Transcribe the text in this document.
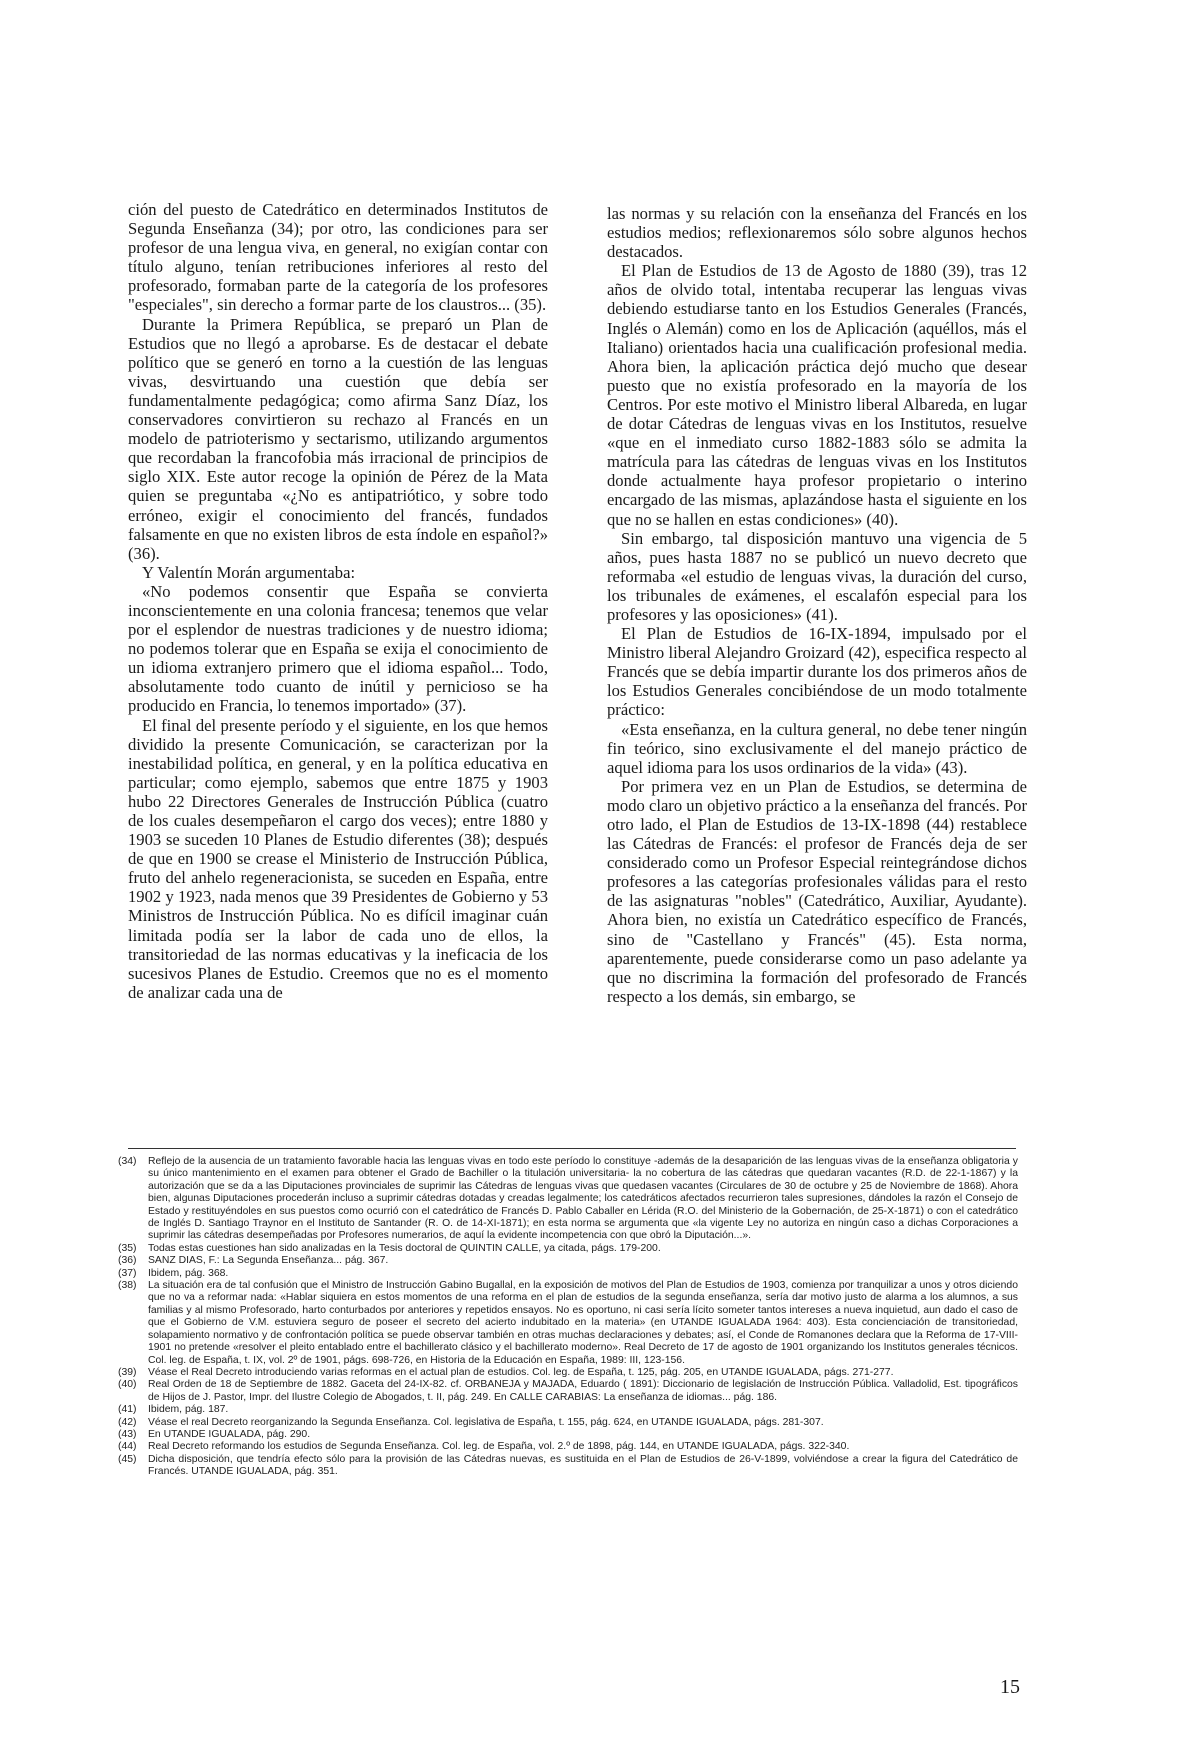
ción del puesto de Catedrático en determinados Institutos de Segunda Enseñanza (34); por otro, las condiciones para ser profesor de una lengua viva, en general, no exigían contar con título alguno, tenían retribuciones inferiores al resto del profesorado, formaban parte de la categoría de los profesores "especiales", sin derecho a formar parte de los claustros... (35).

Durante la Primera República, se preparó un Plan de Estudios que no llegó a aprobarse. Es de destacar el debate político que se generó en torno a la cuestión de las lenguas vivas, desvirtuando una cuestión que debía ser fundamentalmente pedagógica; como afirma Sanz Díaz, los conservadores convirtieron su rechazo al Francés en un modelo de patrioterismo y sectarismo, utilizando argumentos que recordaban la francofobia más irracional de principios de siglo XIX. Este autor recoge la opinión de Pérez de la Mata quien se preguntaba «¿No es antipatriótico, y sobre todo erróneo, exigir el conocimiento del francés, fundados falsamente en que no existen libros de esta índole en español?» (36).

Y Valentín Morán argumentaba:

«No podemos consentir que España se convierta inconscientemente en una colonia francesa; tenemos que velar por el esplendor de nuestras tradiciones y de nuestro idioma; no podemos tolerar que en España se exija el conocimiento de un idioma extranjero primero que el idioma español... Todo, absolutamente todo cuanto de inútil y pernicioso se ha producido en Francia, lo tenemos importado» (37).

El final del presente período y el siguiente, en los que hemos dividido la presente Comunicación, se caracterizan por la inestabilidad política, en general, y en la política educativa en particular; como ejemplo, sabemos que entre 1875 y 1903 hubo 22 Directores Generales de Instrucción Pública (cuatro de los cuales desempeñaron el cargo dos veces); entre 1880 y 1903 se suceden 10 Planes de Estudio diferentes (38); después de que en 1900 se crease el Ministerio de Instrucción Pública, fruto del anhelo regeneracionista, se suceden en España, entre 1902 y 1923, nada menos que 39 Presidentes de Gobierno y 53 Ministros de Instrucción Pública. No es difícil imaginar cuán limitada podía ser la labor de cada uno de ellos, la transitoriedad de las normas educativas y la ineficacia de los sucesivos Planes de Estudio. Creemos que no es el momento de analizar cada una de

las normas y su relación con la enseñanza del Francés en los estudios medios; reflexionaremos sólo sobre algunos hechos destacados.

El Plan de Estudios de 13 de Agosto de 1880 (39), tras 12 años de olvido total, intentaba recuperar las lenguas vivas debiendo estudiarse tanto en los Estudios Generales (Francés, Inglés o Alemán) como en los de Aplicación (aquéllos, más el Italiano) orientados hacia una cualificación profesional media. Ahora bien, la aplicación práctica dejó mucho que desear puesto que no existía profesorado en la mayoría de los Centros. Por este motivo el Ministro liberal Albareda, en lugar de dotar Cátedras de lenguas vivas en los Institutos, resuelve «que en el inmediato curso 1882-1883 sólo se admita la matrícula para las cátedras de lenguas vivas en los Institutos donde actualmente haya profesor propietario o interino encargado de las mismas, aplazándose hasta el siguiente en los que no se hallen en estas condiciones» (40).

Sin embargo, tal disposición mantuvo una vigencia de 5 años, pues hasta 1887 no se publicó un nuevo decreto que reformaba «el estudio de lenguas vivas, la duración del curso, los tribunales de exámenes, el escalafón especial para los profesores y las oposiciones» (41).

El Plan de Estudios de 16-IX-1894, impulsado por el Ministro liberal Alejandro Groizard (42), especifica respecto al Francés que se debía impartir durante los dos primeros años de los Estudios Generales concibiéndose de un modo totalmente práctico:

«Esta enseñanza, en la cultura general, no debe tener ningún fin teórico, sino exclusivamente el del manejo práctico de aquel idioma para los usos ordinarios de la vida» (43).

Por primera vez en un Plan de Estudios, se determina de modo claro un objetivo práctico a la enseñanza del francés. Por otro lado, el Plan de Estudios de 13-IX-1898 (44) restablece las Cátedras de Francés: el profesor de Francés deja de ser considerado como un Profesor Especial reintegrándose dichos profesores a las categorías profesionales válidas para el resto de las asignaturas "nobles" (Catedrático, Auxiliar, Ayudante). Ahora bien, no existía un Catedrático específico de Francés, sino de "Castellano y Francés" (45). Esta norma, aparentemente, puede considerarse como un paso adelante ya que no discrimina la formación del profesorado de Francés respecto a los demás, sin embargo, se

(34)	Reflejo de la ausencia de un tratamiento favorable hacia las lenguas vivas en todo este período lo constituye -además de la desaparición de las lenguas vivas de la enseñanza obligatoria y su único mantenimiento en el examen para obtener el Grado de Bachiller o la titulación universitaria- la no cobertura de las cátedras que quedaran vacantes (R.D. de 22-1-1867) y la autorización que se da a las Diputaciones provinciales de suprimir las Cátedras de lenguas vivas que quedasen vacantes (Circulares de 30 de octubre y 25 de Noviembre de 1868). Ahora bien, algunas Diputaciones procederán incluso a suprimir cátedras dotadas y creadas legalmente; los catedráticos afectados recurrieron tales supresiones, dándoles la razón el Consejo de Estado y restituyéndoles en sus puestos como ocurrió con el catedrático de Francés D. Pablo Caballer en Lérida (R.O. del Ministerio de la Gobernación, de 25-X-1871) o con el catedrático de Inglés D. Santiago Traynor en el Instituto de Santander (R. O. de 14-XI-1871); en esta norma se argumenta que «la vigente Ley no autoriza en ningún caso a dichas Corporaciones a suprimir las cátedras desempeñadas por Profesores numerarios, de aquí la evidente incompetencia con que obró la Diputación...».
(35)	Todas estas cuestiones han sido analizadas en la Tesis doctoral de QUINTIN CALLE, ya citada, págs. 179-200.
(36)	SANZ DIAS, F.: La Segunda Enseñanza... pág. 367.
(37)	Ibidem, pág. 368.
(38)	La situación era de tal confusión que el Ministro de Instrucción Gabino Bugallal, en la exposición de motivos del Plan de Estudios de 1903, comienza por tranquilizar a unos y otros diciendo que no va a reformar nada: «Hablar siquiera en estos momentos de una reforma en el plan de estudios de la segunda enseñanza, sería dar motivo justo de alarma a los alumnos, a sus familias y al mismo Profesorado, harto conturbados por anteriores y repetidos ensayos. No es oportuno, ni casi sería lícito someter tantos intereses a nueva inquietud, aun dado el caso de que el Gobierno de V.M. estuviera seguro de poseer el secreto del acierto indubitado en la materia» (en UTANDE IGUALADA 1964: 403). Esta concienciación de transitoriedad, solapamiento normativo y de confrontación política se puede observar también en otras muchas declaraciones y debates; así, el Conde de Romanones declara que la Reforma de 17-VIII-1901 no pretende «resolver el pleito entablado entre el bachillerato clásico y el bachillerato moderno». Real Decreto de 17 de agosto de 1901 organizando los Institutos generales técnicos. Col. leg. de España, t. IX, vol. 2º de 1901, págs. 698-726, en Historia de la Educación en España, 1989: III, 123-156.
(39)	Véase el Real Decreto introduciendo varias reformas en el actual plan de estudios. Col. leg. de España, t. 125, pág. 205, en UTANDE IGUALADA, págs. 271-277.
(40)	Real Orden de 18 de Septiembre de 1882. Gaceta del 24-IX-82. cf. ORBANEJA y MAJADA, Eduardo ( 1891): Diccionario de legislación de Instrucción Pública. Valladolid, Est. tipográficos de Hijos de J. Pastor, Impr. del Ilustre Colegio de Abogados, t. II, pág. 249. En CALLE CARABIAS: La enseñanza de idiomas... pág. 186.
(41)	Ibidem, pág. 187.
(42)	Véase el real Decreto reorganizando la Segunda Enseñanza. Col. legislativa de España, t. 155, pág. 624, en UTANDE IGUALADA, págs. 281-307.
(43)	En UTANDE IGUALADA, pág. 290.
(44)	Real Decreto reformando los estudios de Segunda Enseñanza. Col. leg. de España, vol. 2.º de 1898, pág. 144, en UTANDE IGUALADA, págs. 322-340.
(45)	Dicha disposición, que tendría efecto sólo para la provisión de las Cátedras nuevas, es sustituida en el Plan de Estudios de 26-V-1899, volviéndose a crear la figura del Catedrático de Francés. UTANDE IGUALADA, pág. 351.
15
